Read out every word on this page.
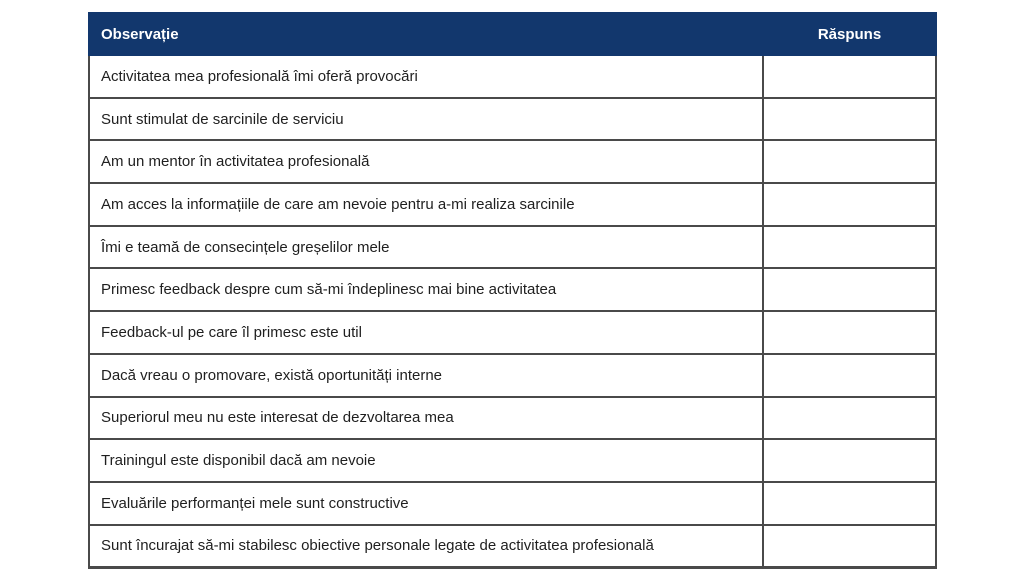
Observație	Răspuns
Activitatea mea profesională îmi oferă provocări	
Sunt stimulat de sarcinile de serviciu	
Am un mentor în activitatea profesională	
Am acces la informațiile de care am nevoie pentru a-mi realiza sarcinile	
Îmi e teamă de consecințele greșelilor mele	
Primesc feedback despre cum să-mi îndeplinesc mai bine activitatea	
Feedback-ul pe care îl primesc este util	
Dacă vreau o promovare, există oportunități interne	
Superiorul meu nu este interesat de dezvoltarea mea	
Trainingul este disponibil dacă am nevoie	
Evaluările performanței mele sunt constructive	
Sunt încurajat să-mi stabilesc obiective personale legate de activitatea profesională	
